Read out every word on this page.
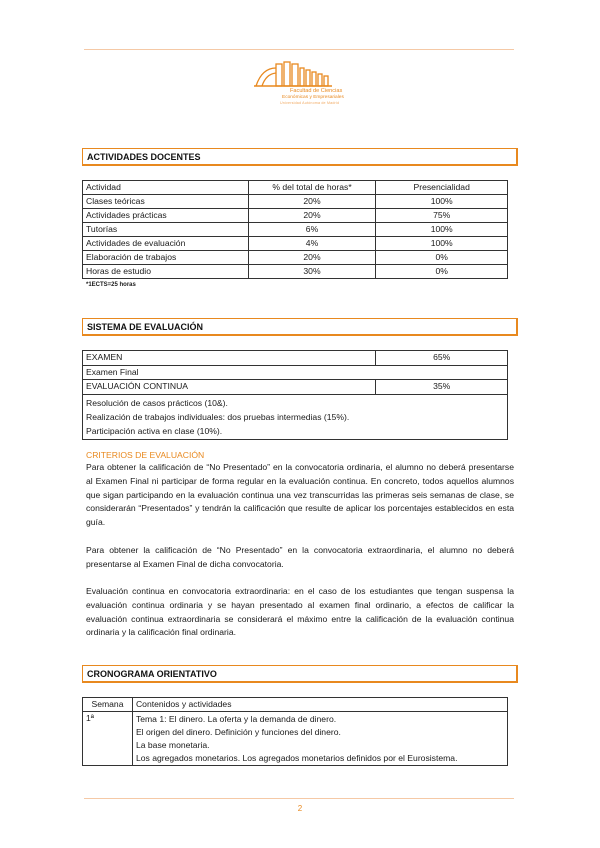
Facultad de Ciencias
Económicas y Empresariales
Universidad Autónoma de Madrid
ACTIVIDADES DOCENTES
Actividad	% del total de horas*	Presencialidad
Clases teóricas	20%	100%
Actividades prácticas	20%	75%
Tutorías	6%	100%
Actividades de evaluación	4%	100%
Elaboración de trabajos	20%	0%
Horas de estudio	30%	0%
*1ECTS=25 horas
SISTEMA DE EVALUACIÓN
EXAMEN	65%
Examen Final	
EVALUACIÓN CONTINUA	35%

Resolución de casos prácticos (10&).
Realización de trabajos individuales: dos pruebas intermedias (15%).
Participación activa en clase (10%).	
CRITERIOS DE EVALUACIÓN
Para obtener la calificación de “No Presentado” en la convocatoria ordinaria, el alumno no deberá presentarse al Examen Final ni participar de forma regular en la evaluación continua. En concreto, todos aquellos alumnos que sigan participando en la evaluación continua una vez transcurridas las primeras seis semanas de clase, se considerarán “Presentados” y tendrán la calificación que resulte de aplicar los porcentajes establecidos en esta guía.
Para obtener la calificación de “No Presentado” en la convocatoria extraordinaria, el alumno no deberá presentarse al Examen Final de dicha convocatoria.
Evaluación continua en convocatoria extraordinaria: en el caso de los estudiantes que tengan suspensa la evaluación continua ordinaria y se hayan presentado al examen final ordinario, a efectos de calificar la evaluación continua extraordinaria se considerará el máximo entre la calificación de la evaluación continua ordinaria y la calificación final ordinaria.
CRONOGRAMA ORIENTATIVO
Semana	Contenidos y actividades
1ª	Tema 1: El dinero. La oferta y la demanda de dinero.
El origen del dinero. Definición y funciones del dinero.
La base monetaria.
Los agregados monetarios. Los agregados monetarios definidos por el Eurosistema.
2
